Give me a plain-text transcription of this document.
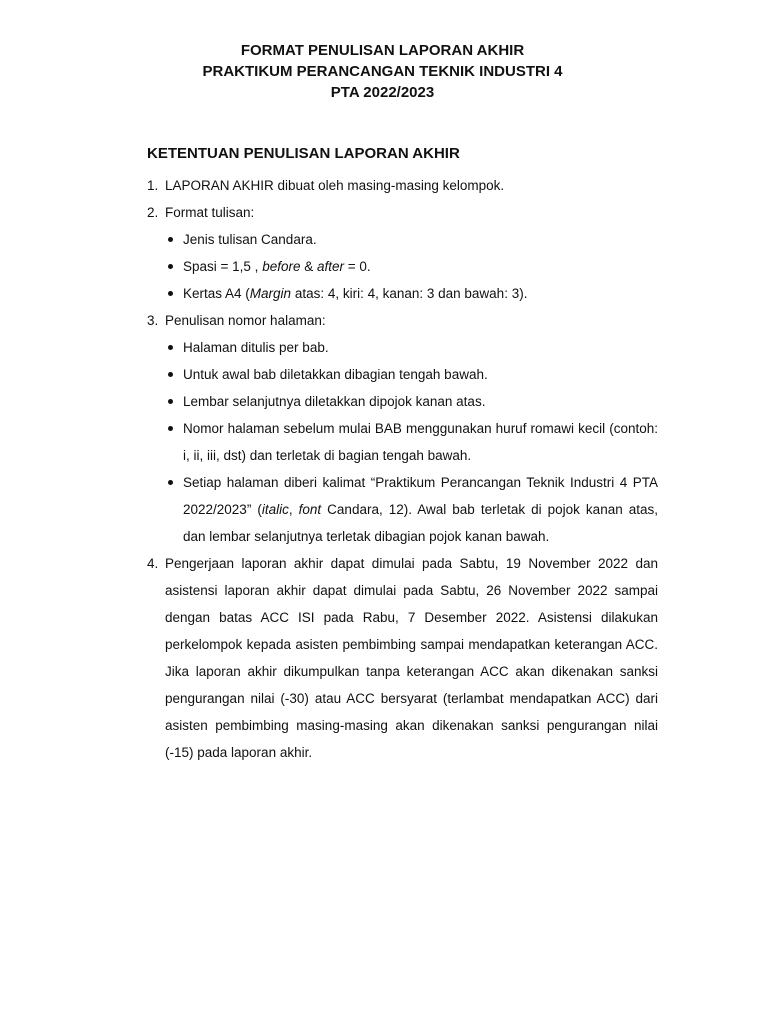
FORMAT PENULISAN LAPORAN AKHIR
PRAKTIKUM PERANCANGAN TEKNIK INDUSTRI 4
PTA 2022/2023
KETENTUAN PENULISAN LAPORAN AKHIR
1. LAPORAN AKHIR dibuat oleh masing-masing kelompok.
2. Format tulisan:
Jenis tulisan Candara.
Spasi = 1,5 , before & after = 0.
Kertas A4 (Margin atas: 4, kiri: 4, kanan: 3 dan bawah: 3).
3. Penulisan nomor halaman:
Halaman ditulis per bab.
Untuk awal bab diletakkan dibagian tengah bawah.
Lembar selanjutnya diletakkan dipojok kanan atas.
Nomor halaman sebelum mulai BAB menggunakan huruf romawi kecil (contoh: i, ii, iii, dst) dan terletak di bagian tengah bawah.
Setiap halaman diberi kalimat “Praktikum Perancangan Teknik Industri 4 PTA 2022/2023” (italic, font Candara, 12). Awal bab terletak di pojok kanan atas, dan lembar selanjutnya terletak dibagian pojok kanan bawah.
4. Pengerjaan laporan akhir dapat dimulai pada Sabtu, 19 November 2022 dan asistensi laporan akhir dapat dimulai pada Sabtu, 26 November 2022 sampai dengan batas ACC ISI pada Rabu, 7 Desember 2022. Asistensi dilakukan perkelompok kepada asisten pembimbing sampai mendapatkan keterangan ACC. Jika laporan akhir dikumpulkan tanpa keterangan ACC akan dikenakan sanksi pengurangan nilai (-30) atau ACC bersyarat (terlambat mendapatkan ACC) dari asisten pembimbing masing-masing akan dikenakan sanksi pengurangan nilai (-15) pada laporan akhir.
